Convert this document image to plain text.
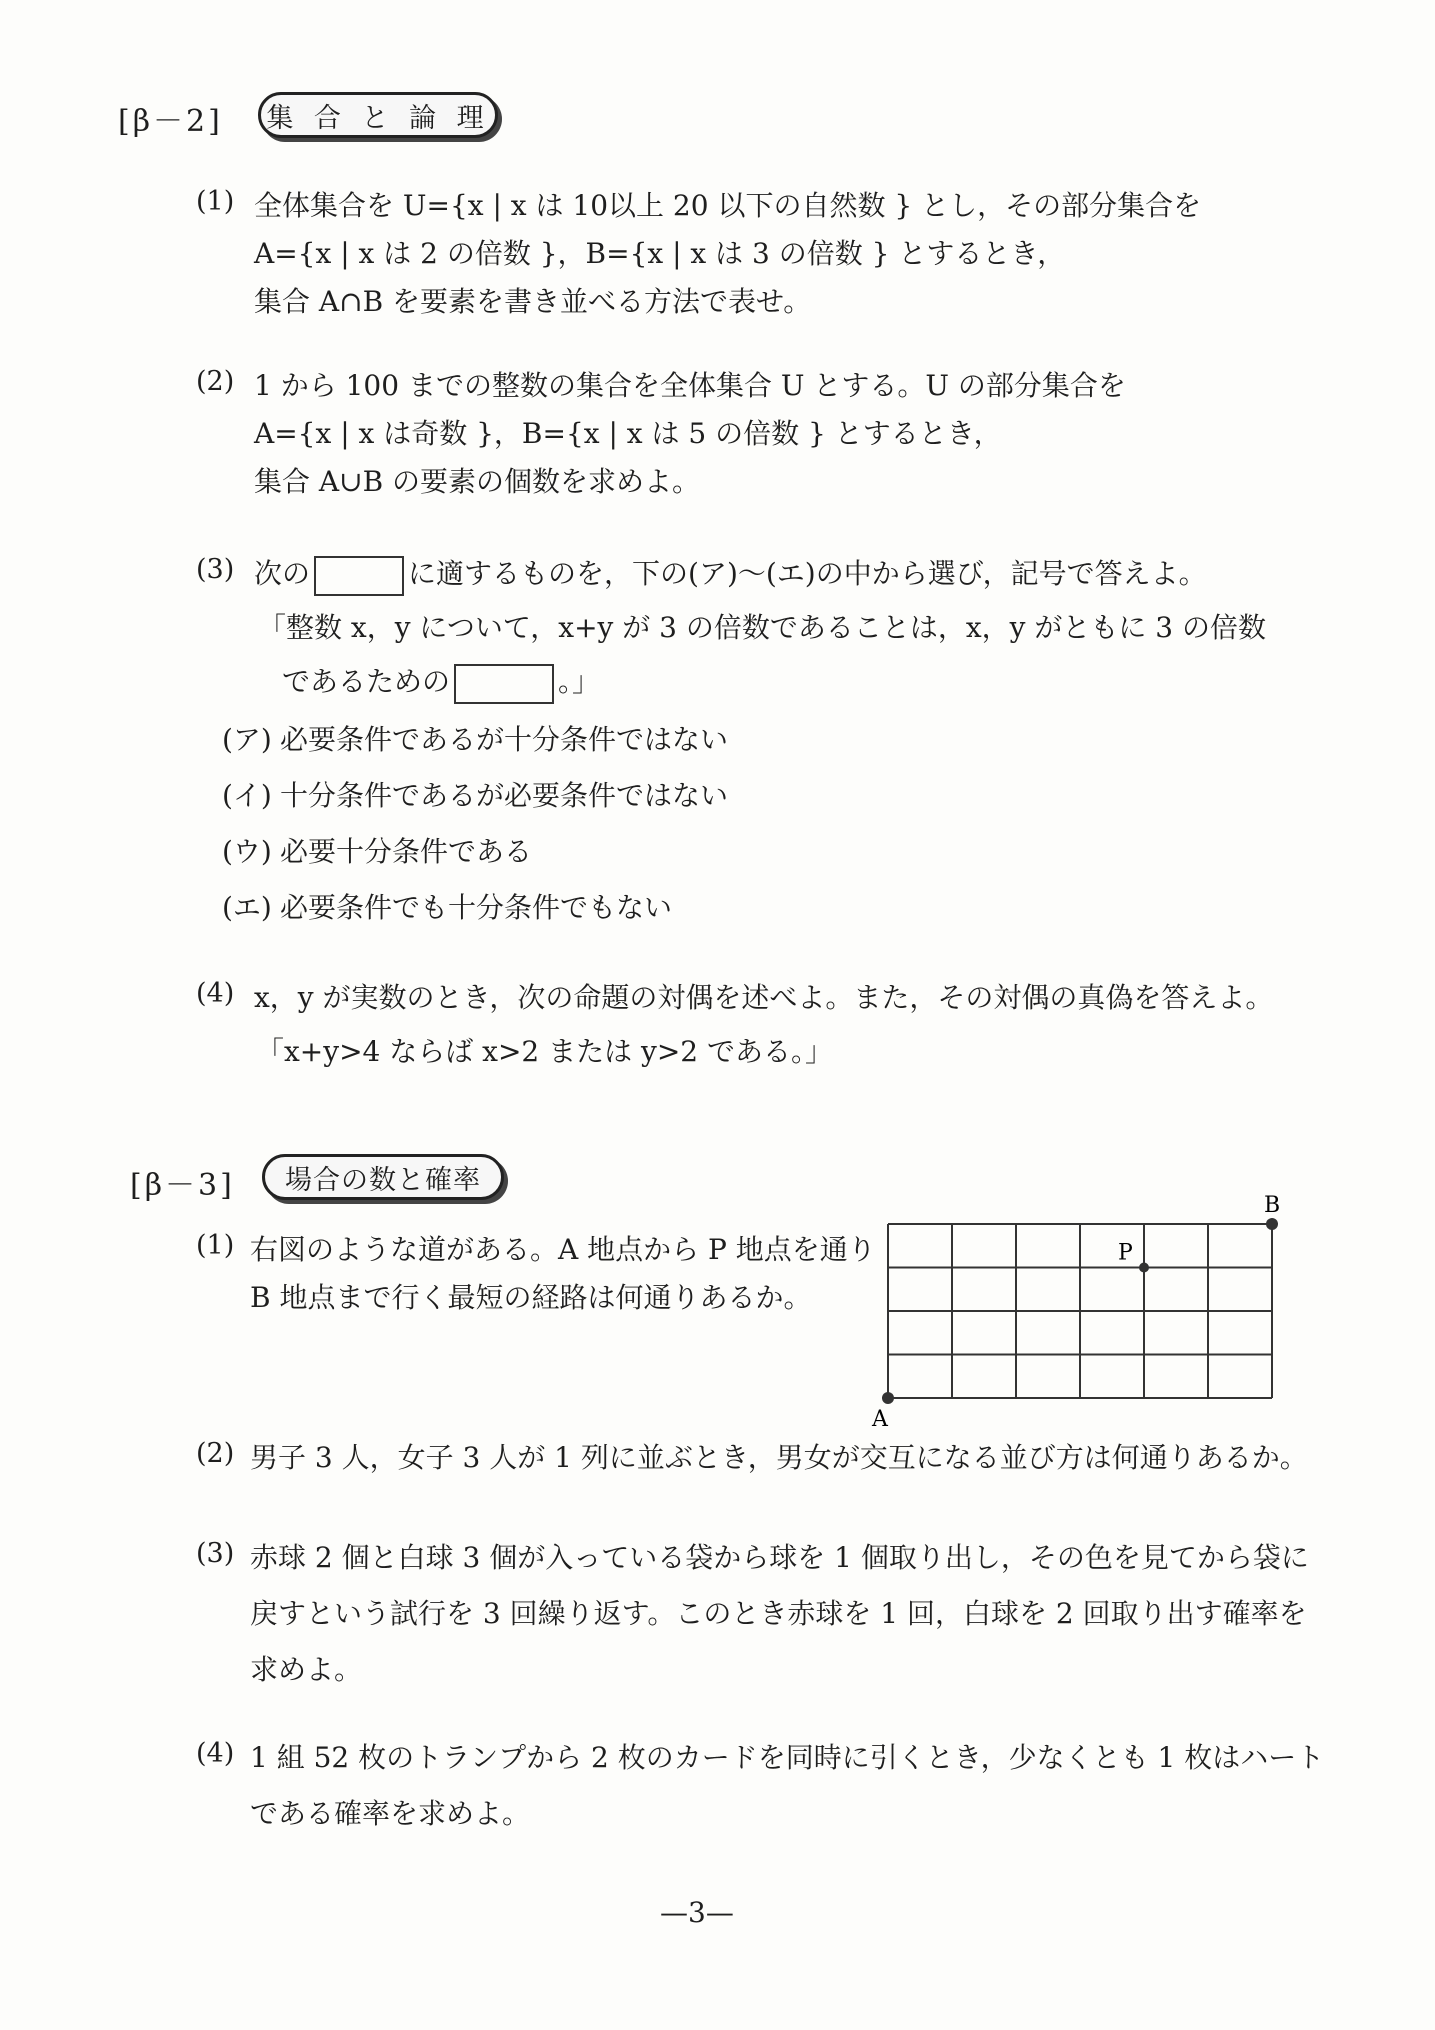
[β－2]	集 合 と 論 理
(1) 全体集合を U={x | x は 10以上 20 以下の自然数 } とし，その部分集合を
A={x | x は 2 の倍数 }，B={x | x は 3 の倍数 } とするとき，
集合 A∩B を要素を書き並べる方法で表せ。
(2) 1 から 100 までの整数の集合を全体集合 U とする。U の部分集合を
A={x | x は奇数 }，B={x | x は 5 の倍数 } とするとき，
集合 A∪B の要素の個数を求めよ。
(3) 次の	に適するものを，下の(ア)～(エ)の中から選び，記号で答えよ。
「整数 x，y について，x+y が 3 の倍数であることは，x，y がともに 3 の倍数
であるための	。」
(ア) 必要条件であるが十分条件ではない
(イ) 十分条件であるが必要条件ではない
(ウ) 必要十分条件である
(エ) 必要条件でも十分条件でもない
(4) x，y が実数のとき，次の命題の対偶を述べよ。また，その対偶の真偽を答えよ。
「x+y>4 ならば x>2 または y>2 である。」
[β－3]	場合の数と確率
(1) 右図のような道がある。A 地点から P 地点を通り
B 地点まで行く最短の経路は何通りあるか。
A
B
P
(2) 男子 3 人，女子 3 人が 1 列に並ぶとき，男女が交互になる並び方は何通りあるか。
(3) 赤球 2 個と白球 3 個が入っている袋から球を 1 個取り出し，その色を見てから袋に
戻すという試行を 3 回繰り返す。このとき赤球を 1 回，白球を 2 回取り出す確率を
求めよ。
(4) 1 組 52 枚のトランプから 2 枚のカードを同時に引くとき，少なくとも 1 枚はハート
である確率を求めよ。
—3—
